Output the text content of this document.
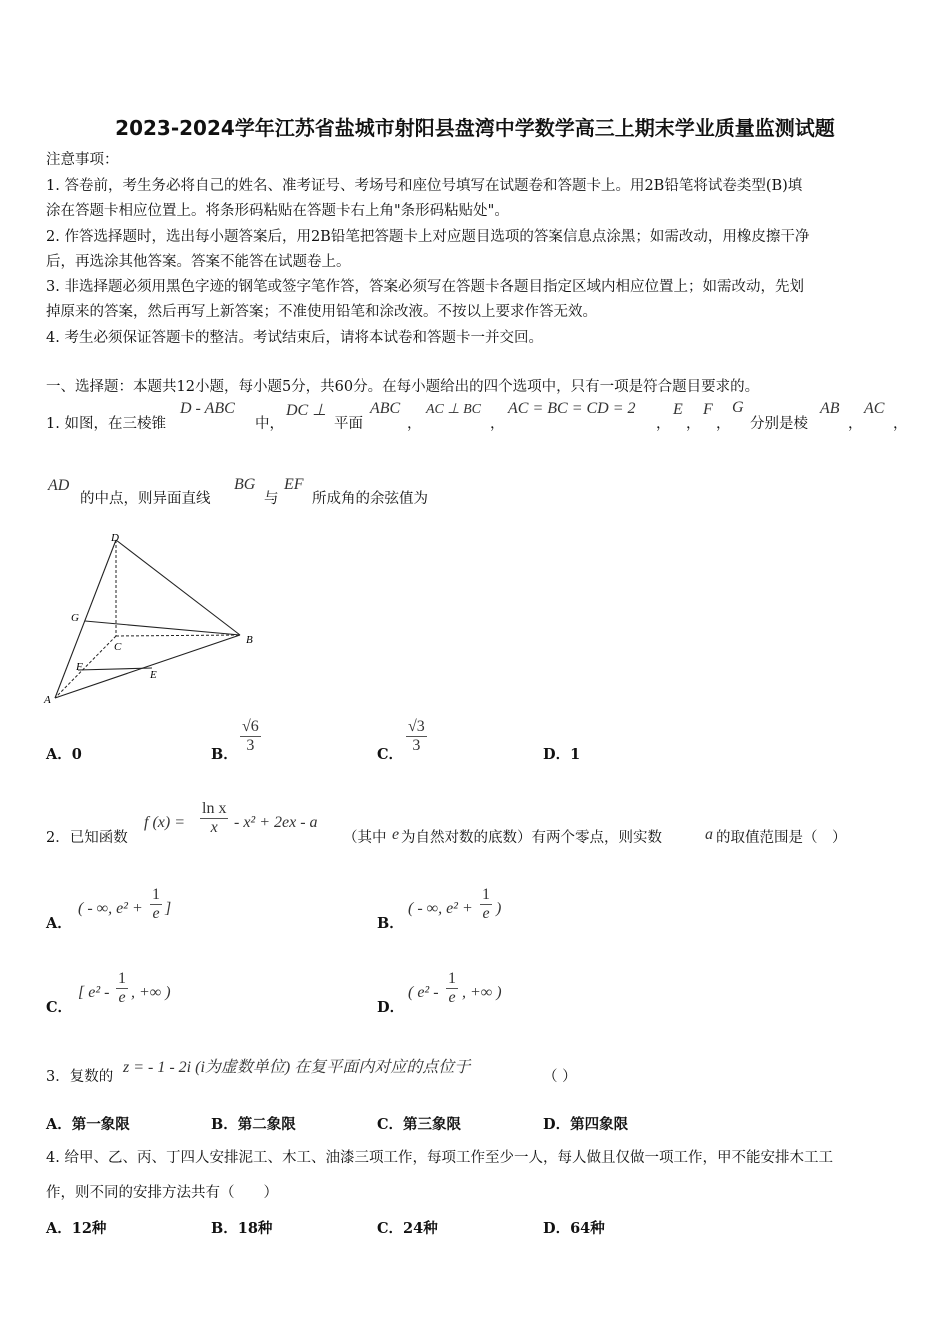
2023-2024学年江苏省盐城市射阳县盘湾中学数学高三上期末学业质量监测试题
注意事项：
1. 答卷前，考生务必将自己的姓名、准考证号、考场号和座位号填写在试题卷和答题卡上。用2B铅笔将试卷类型(B)填
涂在答题卡相应位置上。将条形码粘贴在答题卡右上角"条形码粘贴处"。
2. 作答选择题时，选出每小题答案后，用2B铅笔把答题卡上对应题目选项的答案信息点涂黑；如需改动，用橡皮擦干净
后，再选涂其他答案。答案不能答在试题卷上。
3. 非选择题必须用黑色字迹的钢笔或签字笔作答，答案必须写在答题卡各题目指定区域内相应位置上；如需改动，先划
掉原来的答案，然后再写上新答案；不准使用铅笔和涂改液。不按以上要求作答无效。
4. 考生必须保证答题卡的整洁。考试结束后，请将本试卷和答题卡一并交回。
一、选择题：本题共12小题，每小题5分，共60分。在每小题给出的四个选项中，只有一项是符合题目要求的。
1. 如图，在三棱锥
D - ABC
中，
DC ⊥
平面
ABC
，
AC ⊥ BC
，
AC = BC = CD = 2
，
E
，
F
，
G
分别是棱
AB
，
AC
，
AD
的中点，则异面直线
BG
与
EF
所成角的余弦值为
D
G
C
B
F
E
A
A．0	B． $\frac{√6}{3}$	C． $\frac{√3}{3}$	D．1
2．已知函数
f $(x) = \frac{\text{ln x}}{x} - x^2 + 2ex - a$
（其中 e 为自然对数的底数）有两个零点，则实数	a 的取值范围是（　）
A．
( - ∞, $e^2 + \frac{1}{e}$ ]
B．
( - ∞, $e^2 + \frac{1}{e}$ )
C．
[ $e^2 - \frac{1}{e}$ , +∞ )
D．
( $e^2 - \frac{1}{e}$ , +∞ )
3．复数的
z = - 1 - 2i (i为虚数单位) 在复平面内对应的点位于
（ ）
A．第一象限	B．第二象限	C．第三象限	D．第四象限
4. 给甲、乙、丙、丁四人安排泥工、木工、油漆三项工作，每项工作至少一人，每人做且仅做一项工作，甲不能安排木工工
作，则不同的安排方法共有（　　）
A．12种	B．18种	C．24种	D．64种
